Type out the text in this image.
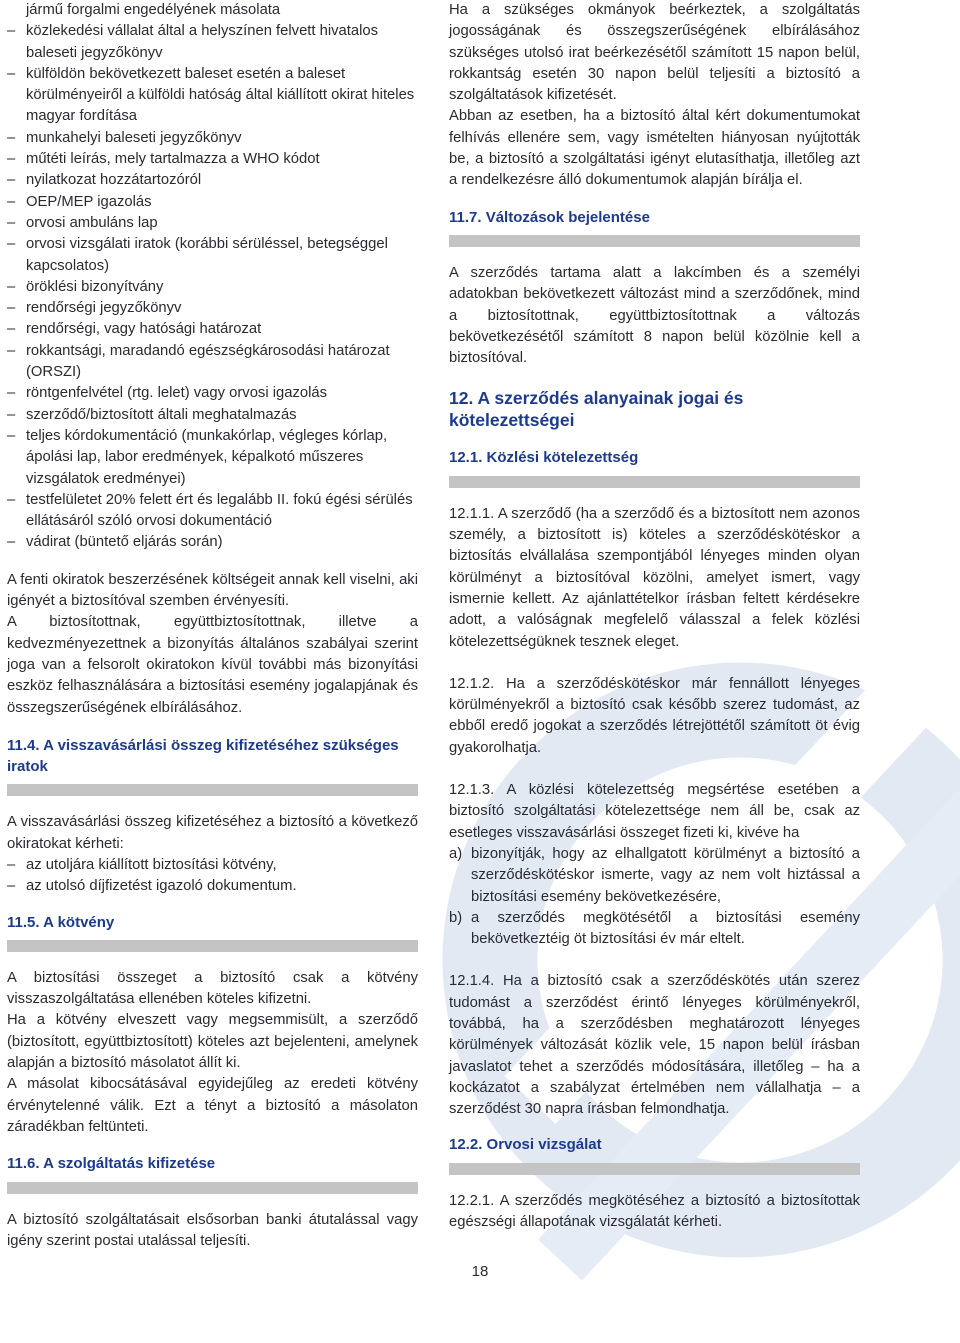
jármű forgalmi engedélyének másolata
– közlekedési vállalat által a helyszínen felvett hivatalos baleseti jegyzőkönyv
– külföldön bekövetkezett baleset esetén a baleset körülményeiről a külföldi hatóság által kiállított okirat hiteles magyar fordítása
– munkahelyi baleseti jegyzőkönyv
– műtéti leírás, mely tartalmazza a WHO kódot
– nyilatkozat hozzátartozóról
– OEP/MEP igazolás
– orvosi ambuláns lap
– orvosi vizsgálati iratok (korábbi sérüléssel, betegséggel kapcsolatos)
– öröklési bizonyítvány
– rendőrségi jegyzőkönyv
– rendőrségi, vagy hatósági határozat
– rokkantsági, maradandó egészségkárosodási határozat (ORSZI)
– röntgenfelvétel (rtg. lelet) vagy orvosi igazolás
– szerződő/biztosított általi meghatalmazás
– teljes kórdokumentáció (munkakórlap, végleges kórlap, ápolási lap, labor eredmények, képalkotó műszeres vizsgálatok eredményei)
– testfelületet 20% felett ért és legalább II. fokú égési sérülés ellátásáról szóló orvosi dokumentáció
– vádirat (büntető eljárás során)

A fenti okiratok beszerzésének költségeit annak kell viselni, aki igényét a biztosítóval szemben érvényesíti.

A biztosítottnak, együttbiztosítottnak, illetve a kedvezményezettnek a bizonyítás általános szabályai szerint joga van a felsorolt okiratokon kívül további más bizonyítási eszköz felhasználására a biztosítási esemény jogalapjának és összegszerűségének elbírálásához.

11.4. A visszavásárlási összeg kifizetéséhez szükséges iratok

A visszavásárlási összeg kifizetéséhez a biztosító a következő okiratokat kérheti:

– az utoljára kiállított biztosítási kötvény,
– az utolsó díjfizetést igazoló dokumentum.
11.5. A kötvény

A biztosítási összeget a biztosító csak a kötvény visszaszolgáltatása ellenében köteles kifizetni.

Ha a kötvény elveszett vagy megsemmisült, a szerződő (biztosított, együttbiztosított) köteles azt bejelenteni, amelynek alapján a biztosító másolatot állít ki.

A másolat kibocsátásával egyidejűleg az eredeti kötvény érvénytelenné válik. Ezt a tényt a biztosító a másolaton záradékban feltünteti.

11.6. A szolgáltatás kifizetése

A biztosító szolgáltatásait elsősorban banki átutalással vagy igény szerint postai utalással teljesíti.

Ha a szükséges okmányok beérkeztek, a szolgáltatás jogosságának és összegszerűségének elbírálásához szükséges utolsó irat beérkezésétől számított 15 napon belül, rokkantság esetén 30 napon belül teljesíti a biztosító a szolgáltatások kifizetését.

Abban az esetben, ha a biztosító által kért dokumentumokat felhívás ellenére sem, vagy ismételten hiányosan nyújtották be, a biztosító a szolgáltatási igényt elutasíthatja, illetőleg azt a rendelkezésre álló dokumentumok alapján bírálja el.

11.7. Változások bejelentése

A szerződés tartama alatt a lakcímben és a személyi adatokban bekövetkezett változást mind a szerződőnek, mind a biztosítottnak, együttbiztosítottnak a változás bekövetkezésétől számított 8 napon belül közölnie kell a biztosítóval.

12. A szerződés alanyainak jogai és kötelezettségei
12.1. Közlési kötelezettség

12.1.1. A szerződő (ha a szerződő és a biztosított nem azonos személy, a biztosított is) köteles a szerződéskötéskor a biztosítás elvállalása szempontjából lényeges minden olyan körülményt a biztosítóval közölni, amelyet ismert, vagy ismernie kellett. Az ajánlattételkor írásban feltett kérdésekre adott, a valóságnak megfelelő válasszal a felek közlési kötelezettségüknek tesznek eleget.

12.1.2. Ha a szerződéskötéskor már fennállott lényeges körülményekről a biztosító csak később szerez tudomást, az ebből eredő jogokat a szerződés létrejöttétől számított öt évig gyakorolhatja.

12.1.3. A közlési kötelezettség megsértése esetében a biztosító szolgáltatási kötelezettsége nem áll be, csak az esetleges visszavásárlási összeget fizeti ki, kivéve ha

a) bizonyítják, hogy az elhallgatott körülményt a biztosító a szerződéskötéskor ismerte, vagy az nem volt hiztással a biztosítási esemény bekövetkezésére,

b) a szerződés megkötésétől a biztosítási esemény bekövetkeztéig öt biztosítási év már eltelt.

12.1.4. Ha a biztosító csak a szerződéskötés után szerez tudomást a szerződést érintő lényeges körülményekről, továbbá, ha a szerződésben meghatározott lényeges körülmények változását közlik vele, 15 napon belül írásban javaslatot tehet a szerződés módosítására, illetőleg – ha a kockázatot a szabályzat értelmében nem vállalhatja – a szerződést 30 napra írásban felmondhatja.

12.2. Orvosi vizsgálat

12.2.1. A szerződés megkötéséhez a biztosító a biztosítottak egészségi állapotának vizsgálatát kérheti.

18
